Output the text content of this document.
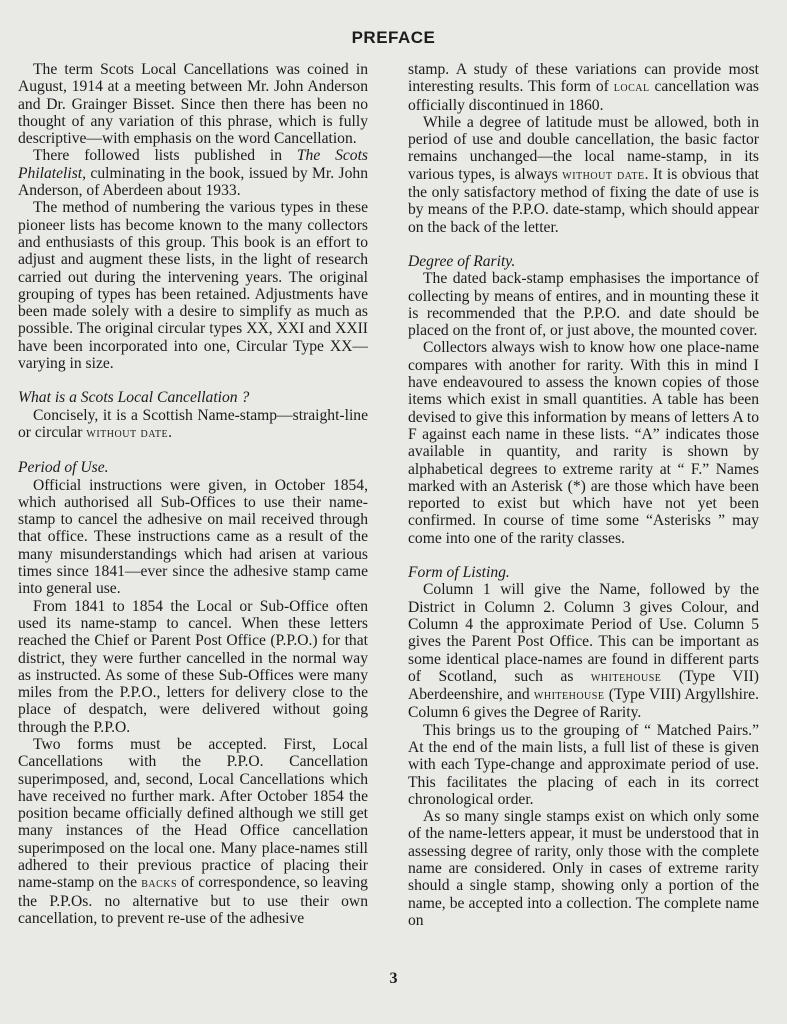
PREFACE

The term Scots Local Cancellations was coined in August, 1914 at a meeting between Mr. John Anderson and Dr. Grainger Bisset. Since then there has been no thought of any variation of this phrase, which is fully descriptive—with emphasis on the word Cancellation.

There followed lists published in The Scots Philatelist, culminating in the book, issued by Mr. John Anderson, of Aberdeen about 1933.

The method of numbering the various types in these pioneer lists has become known to the many collectors and enthusiasts of this group. This book is an effort to adjust and augment these lists, in the light of research carried out during the intervening years. The original grouping of types has been retained. Adjustments have been made solely with a desire to simplify as much as possible. The original circular types XX, XXI and XXII have been incorporated into one, Circular Type XX—varying in size.

What is a Scots Local Cancellation ?

Concisely, it is a Scottish Name-stamp—straight-line or circular without date.

Period of Use.

Official instructions were given, in October 1854, which authorised all Sub-Offices to use their name-stamp to cancel the adhesive on mail received through that office. These instructions came as a result of the many misunderstandings which had arisen at various times since 1841—ever since the adhesive stamp came into general use.

From 1841 to 1854 the Local or Sub-Office often used its name-stamp to cancel. When these letters reached the Chief or Parent Post Office (P.P.O.) for that district, they were further cancelled in the normal way as instructed. As some of these Sub-Offices were many miles from the P.P.O., letters for delivery close to the place of despatch, were delivered without going through the P.P.O.

Two forms must be accepted. First, Local Cancellations with the P.P.O. Cancellation superimposed, and, second, Local Cancellations which have received no further mark. After October 1854 the position became officially defined although we still get many instances of the Head Office cancellation superimposed on the local one. Many place-names still adhered to their previous practice of placing their name-stamp on the backs of correspondence, so leaving the P.P.Os. no alternative but to use their own cancellation, to prevent re-use of the adhesive

stamp. A study of these variations can provide most interesting results. This form of local cancellation was officially discontinued in 1860.

While a degree of latitude must be allowed, both in period of use and double cancellation, the basic factor remains unchanged—the local name-stamp, in its various types, is always without date. It is obvious that the only satisfactory method of fixing the date of use is by means of the P.P.O. date-stamp, which should appear on the back of the letter.

Degree of Rarity.

The dated back-stamp emphasises the importance of collecting by means of entires, and in mounting these it is recommended that the P.P.O. and date should be placed on the front of, or just above, the mounted cover.

Collectors always wish to know how one place-name compares with another for rarity. With this in mind I have endeavoured to assess the known copies of those items which exist in small quantities. A table has been devised to give this information by means of letters A to F against each name in these lists. “A” indicates those available in quantity, and rarity is shown by alphabetical degrees to extreme rarity at “ F.” Names marked with an Asterisk (*) are those which have been reported to exist but which have not yet been confirmed. In course of time some “Asterisks ” may come into one of the rarity classes.

Form of Listing.

Column 1 will give the Name, followed by the District in Column 2. Column 3 gives Colour, and Column 4 the approximate Period of Use. Column 5 gives the Parent Post Office. This can be important as some identical place-names are found in different parts of Scotland, such as whitehouse (Type VII) Aberdeenshire, and whitehouse (Type VIII) Argyllshire. Column 6 gives the Degree of Rarity.

This brings us to the grouping of “ Matched Pairs.” At the end of the main lists, a full list of these is given with each Type-change and approximate period of use. This facilitates the placing of each in its correct chronological order.

As so many single stamps exist on which only some of the name-letters appear, it must be understood that in assessing degree of rarity, only those with the complete name are considered. Only in cases of extreme rarity should a single stamp, showing only a portion of the name, be accepted into a collection. The complete name on

3
